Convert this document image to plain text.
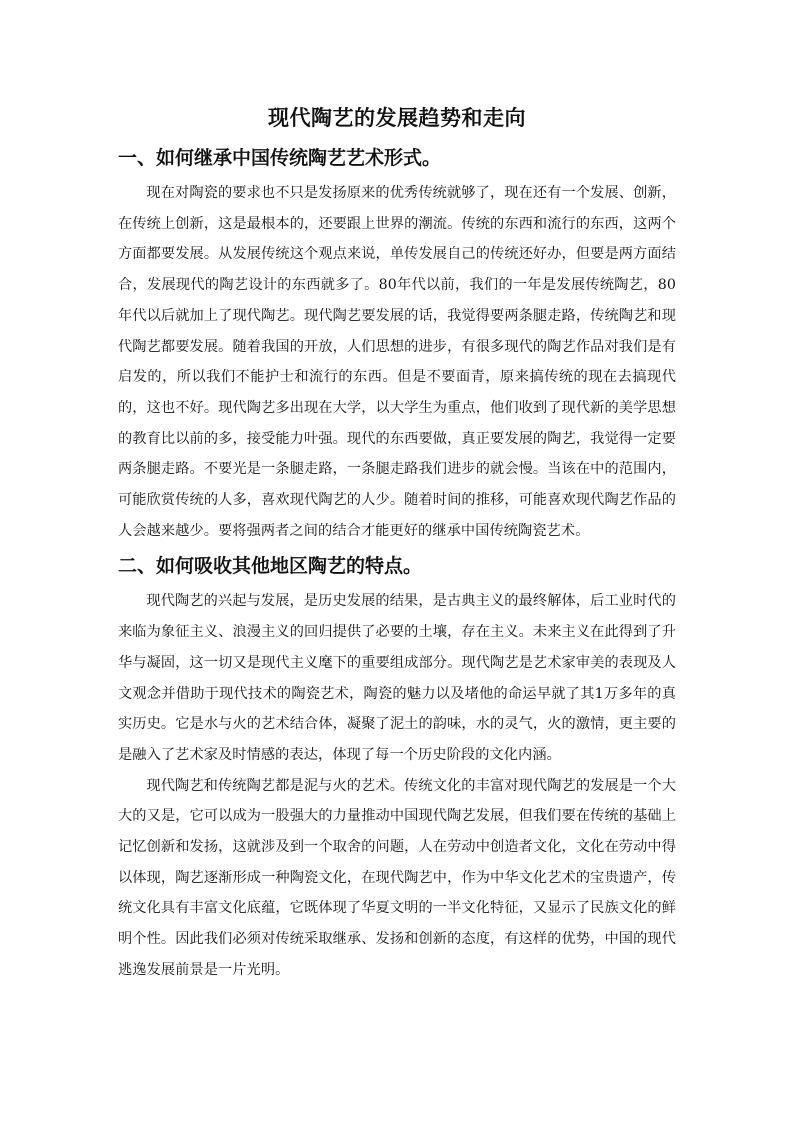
现代陶艺的发展趋势和走向
一、如何继承中国传统陶艺艺术形式。

现在对陶瓷的要求也不只是发扬原来的优秀传统就够了，现在还有一个发展、创新，在传统上创新，这是最根本的，还要跟上世界的潮流。传统的东西和流行的东西，这两个方面都要发展。从发展传统这个观点来说，单传发展自己的传统还好办，但要是两方面结合，发展现代的陶艺设计的东西就多了。80年代以前，我们的一年是发展传统陶艺，80年代以后就加上了现代陶艺。现代陶艺要发展的话，我觉得要两条腿走路，传统陶艺和现代陶艺都要发展。随着我国的开放，人们思想的进步，有很多现代的陶艺作品对我们是有启发的，所以我们不能护士和流行的东西。但是不要面青，原来搞传统的现在去搞现代的，这也不好。现代陶艺多出现在大学，以大学生为重点，他们收到了现代新的美学思想的教育比以前的多，接受能力叶强。现代的东西要做，真正要发展的陶艺，我觉得一定要两条腿走路。不要光是一条腿走路，一条腿走路我们进步的就会慢。当该在中的范围内，可能欣赏传统的人多，喜欢现代陶艺的人少。随着时间的推移，可能喜欢现代陶艺作品的人会越来越少。要将强两者之间的结合才能更好的继承中国传统陶瓷艺术。

二、如何吸收其他地区陶艺的特点。

现代陶艺的兴起与发展，是历史发展的结果，是古典主义的最终解体，后工业时代的来临为象征主义、浪漫主义的回归提供了必要的土壤，存在主义。未来主义在此得到了升华与凝固，这一切又是现代主义麾下的重要组成部分。现代陶艺是艺术家审美的表现及人文观念并借助于现代技术的陶瓷艺术，陶瓷的魅力以及堵他的命运早就了其1万多年的真实历史。它是水与火的艺术结合体，凝聚了泥土的韵味，水的灵气，火的激情，更主要的是融入了艺术家及时情感的表达，体现了每一个历史阶段的文化内涵。

现代陶艺和传统陶艺都是泥与火的艺术。传统文化的丰富对现代陶艺的发展是一个大大的又是，它可以成为一股强大的力量推动中国现代陶艺发展，但我们要在传统的基础上记忆创新和发扬，这就涉及到一个取舍的问题，人在劳动中创造者文化，文化在劳动中得以体现，陶艺逐渐形成一种陶瓷文化，在现代陶艺中，作为中华文化艺术的宝贵遗产，传统文化具有丰富文化底蕴，它既体现了华夏文明的一半文化特征，又显示了民族文化的鲜明个性。因此我们必须对传统采取继承、发扬和创新的态度，有这样的优势，中国的现代逃逸发展前景是一片光明。
